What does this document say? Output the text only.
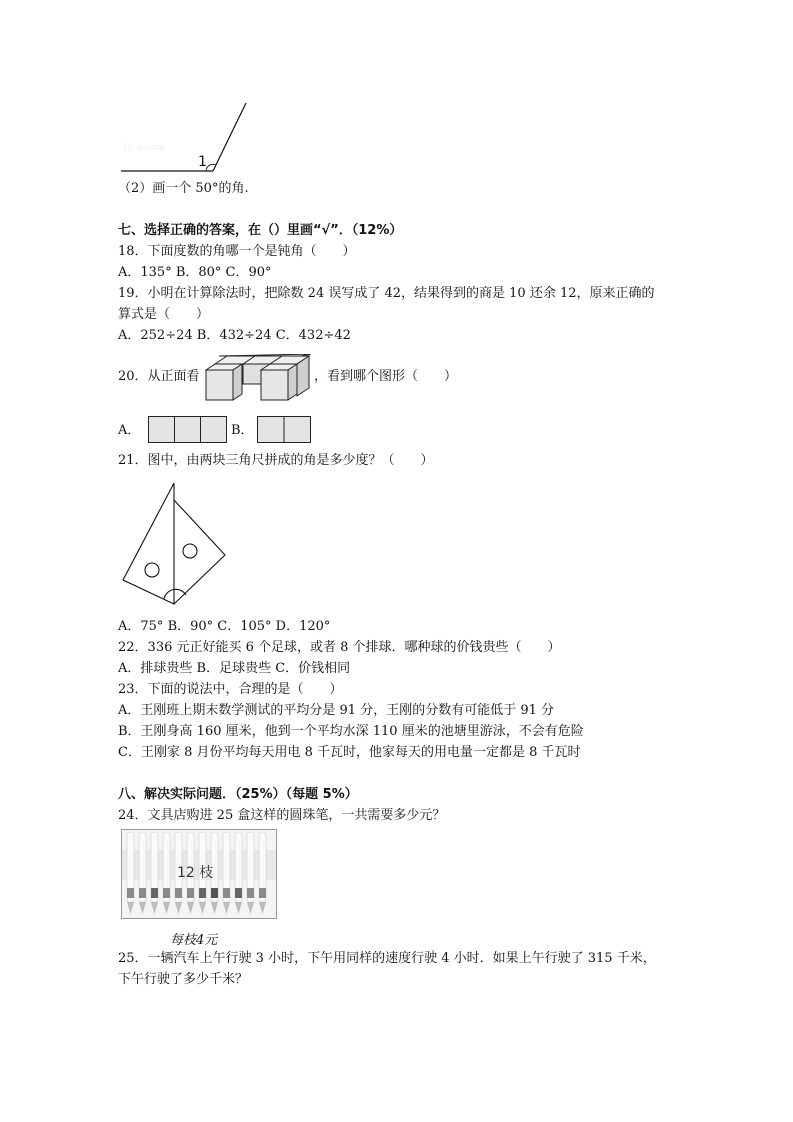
1ycc.com
1
（2）画一个 50°的角.
七、选择正确的答案，在（）里画“√”．（12%）
18．下面度数的角哪一个是钝角（　　）
A．135° B．80° C．90°
19．小明在计算除法时，把除数 24 误写成了 42，结果得到的商是 10 还余 12，原来正确的
算式是（　　）
A．252÷24 B．432÷24 C．432÷42
20．从正面看	，看到哪个图形（　　）
A．	B．
21．图中，由两块三角尺拼成的角是多少度？（　　）
A．75° B．90° C．105° D．120°
22．336 元正好能买 6 个足球，或者 8 个排球．哪种球的价钱贵些（　　）
A．排球贵些 B．足球贵些 C．价钱相同
23．下面的说法中，合理的是（　　）
A．王刚班上期末数学测试的平均分是 91 分，王刚的分数有可能低于 91 分
B．王刚身高 160 厘米，他到一个平均水深 110 厘米的池塘里游泳，不会有危险
C．王刚家 8 月份平均每天用电 8 千瓦时，他家每天的用电量一定都是 8 千瓦时
八、解决实际问题．（25%）（每题 5%）
24．文具店购进 25 盒这样的圆珠笔，一共需要多少元？
12 枝
每枝4元
25．一辆汽车上午行驶 3 小时，下午用同样的速度行驶 4 小时．如果上午行驶了 315 千米，
下午行驶了多少千米？
